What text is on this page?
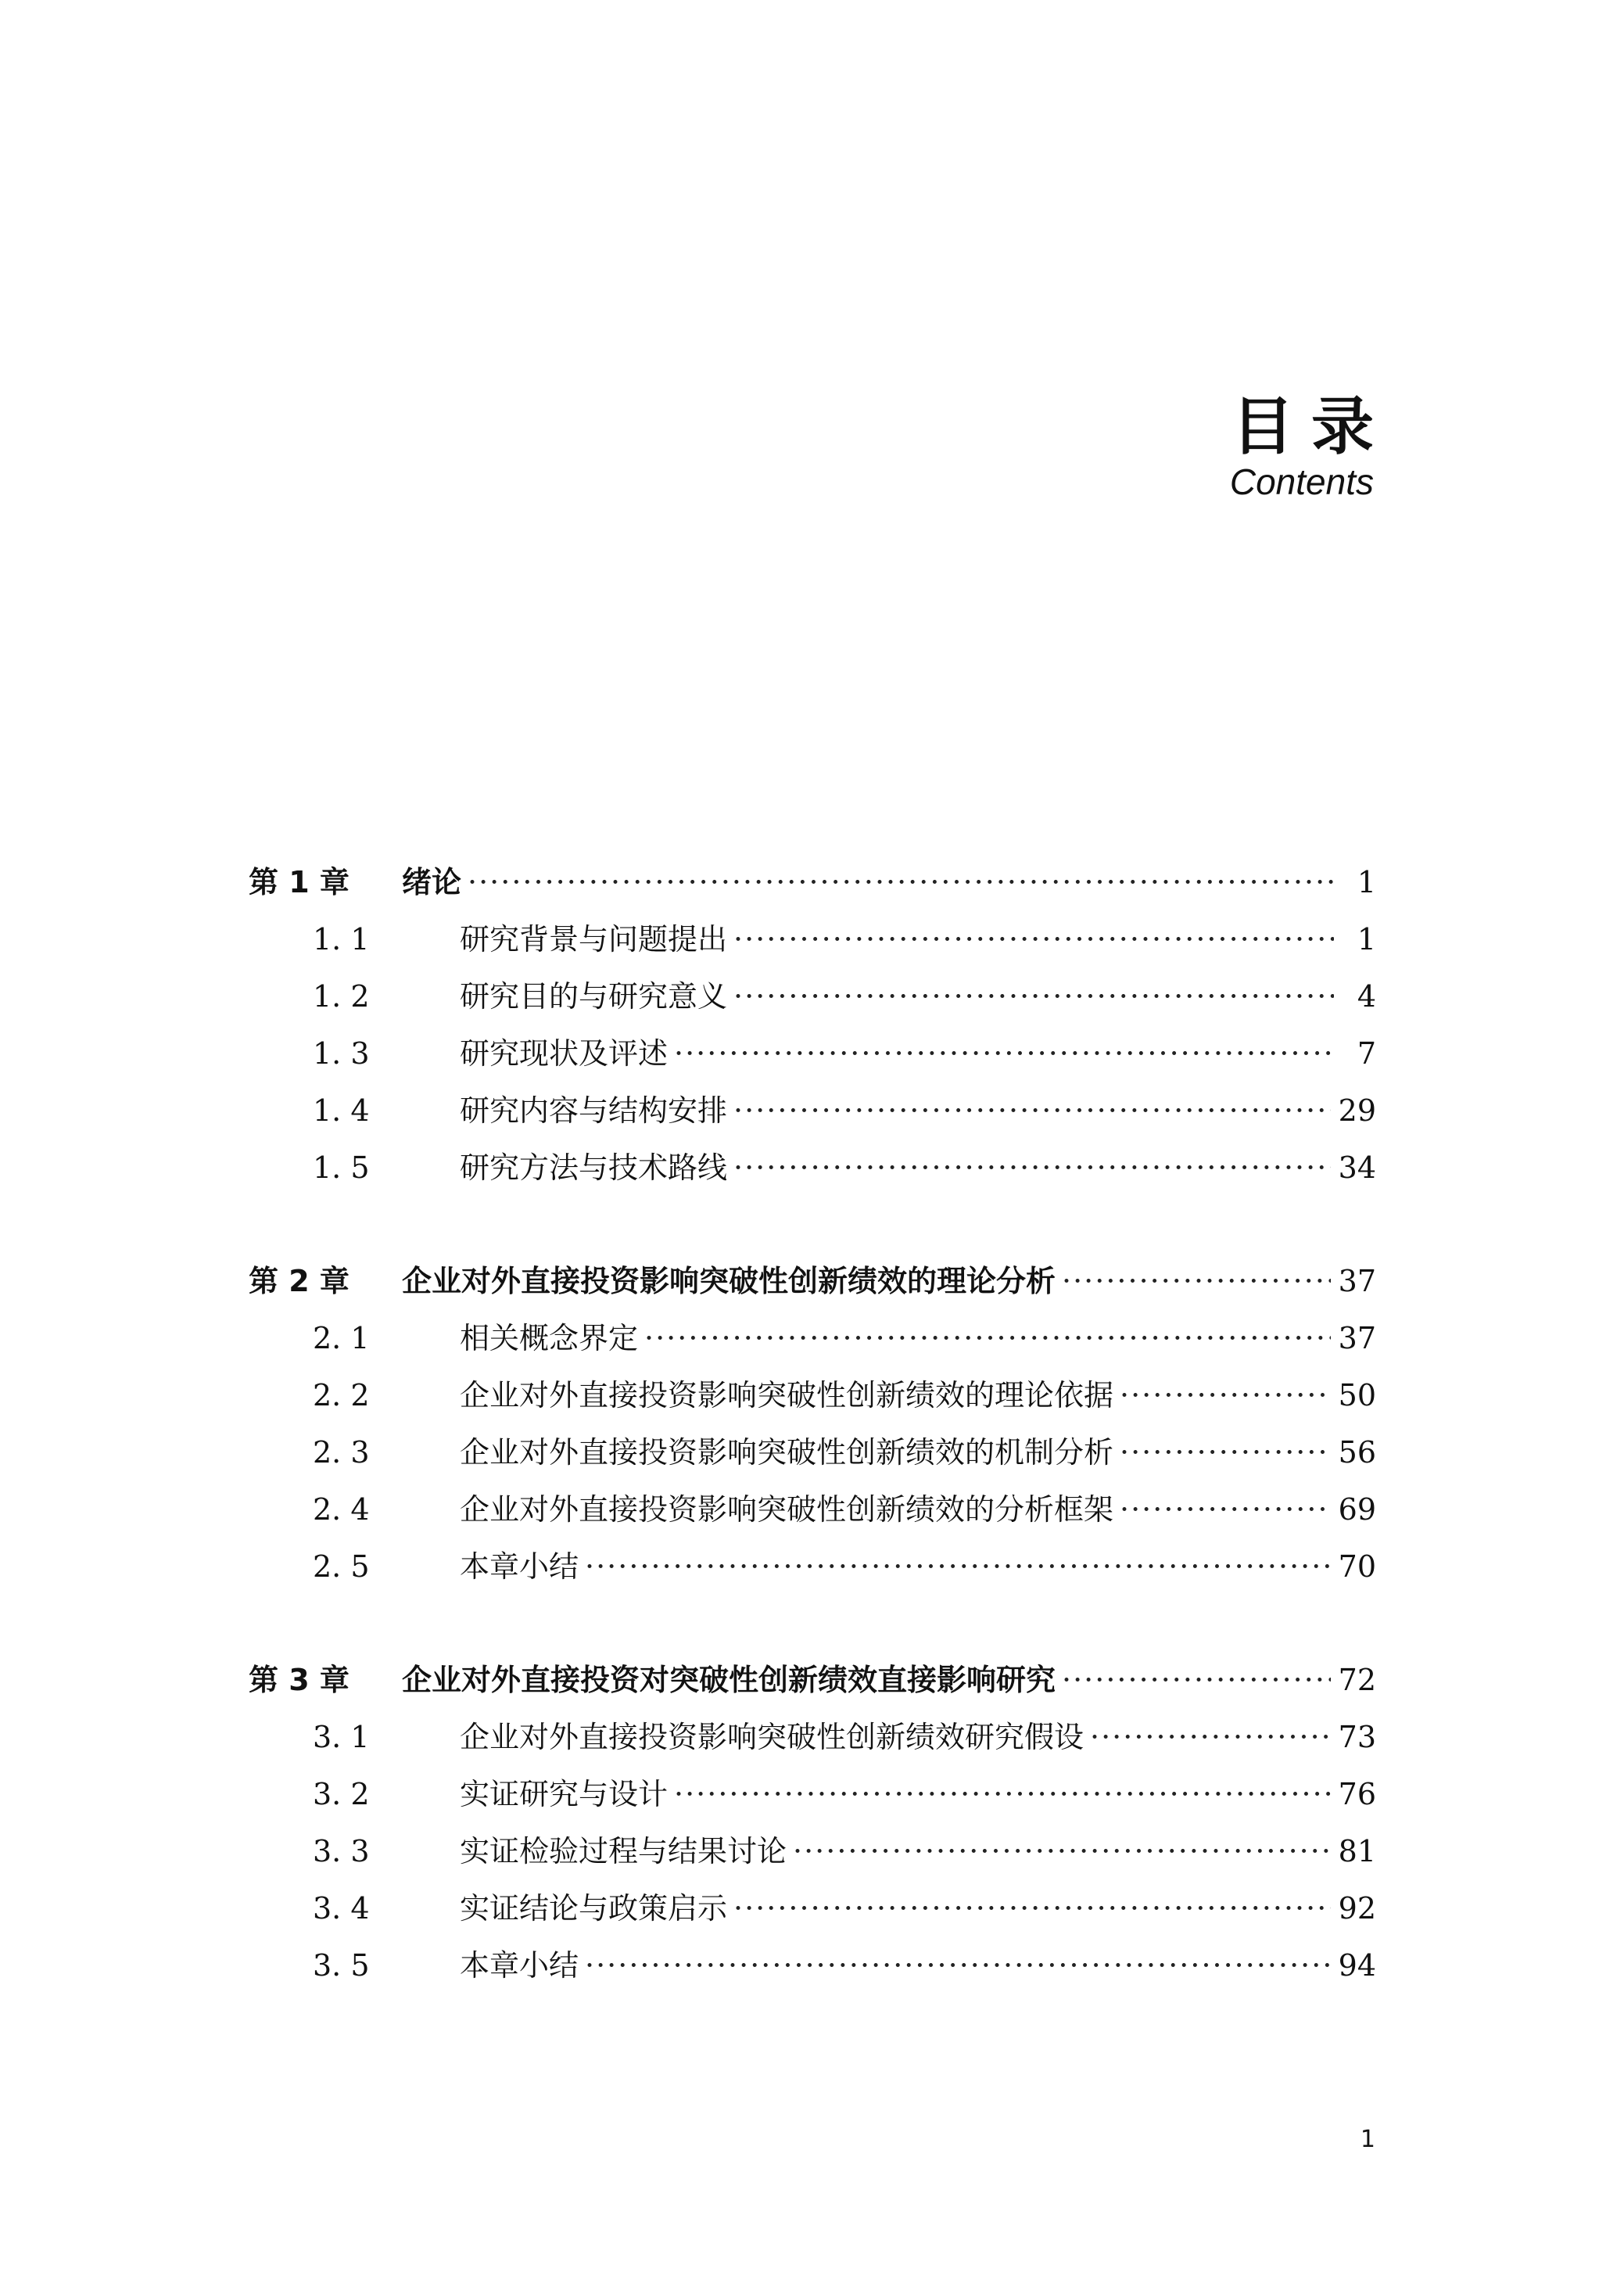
目录
Contents
第 1 章	绪论 ·····	1
1. 1	研究背景与问题提出 ·····	1
1. 2	研究目的与研究意义 ·····	4
1. 3	研究现状及评述 ·····	7
1. 4	研究内容与结构安排 ·····	29
1. 5	研究方法与技术路线 ·····	34
第 2 章	企业对外直接投资影响突破性创新绩效的理论分析 ·····	37
2. 1	相关概念界定 ·····	37
2. 2	企业对外直接投资影响突破性创新绩效的理论依据 ·····	50
2. 3	企业对外直接投资影响突破性创新绩效的机制分析 ·····	56
2. 4	企业对外直接投资影响突破性创新绩效的分析框架 ·····	69
2. 5	本章小结 ·····	70
第 3 章	企业对外直接投资对突破性创新绩效直接影响研究 ·····	72
3. 1	企业对外直接投资影响突破性创新绩效研究假设 ·····	73
3. 2	实证研究与设计 ·····	76
3. 3	实证检验过程与结果讨论 ·····	81
3. 4	实证结论与政策启示 ·····	92
3. 5	本章小结 ·····	94
1
